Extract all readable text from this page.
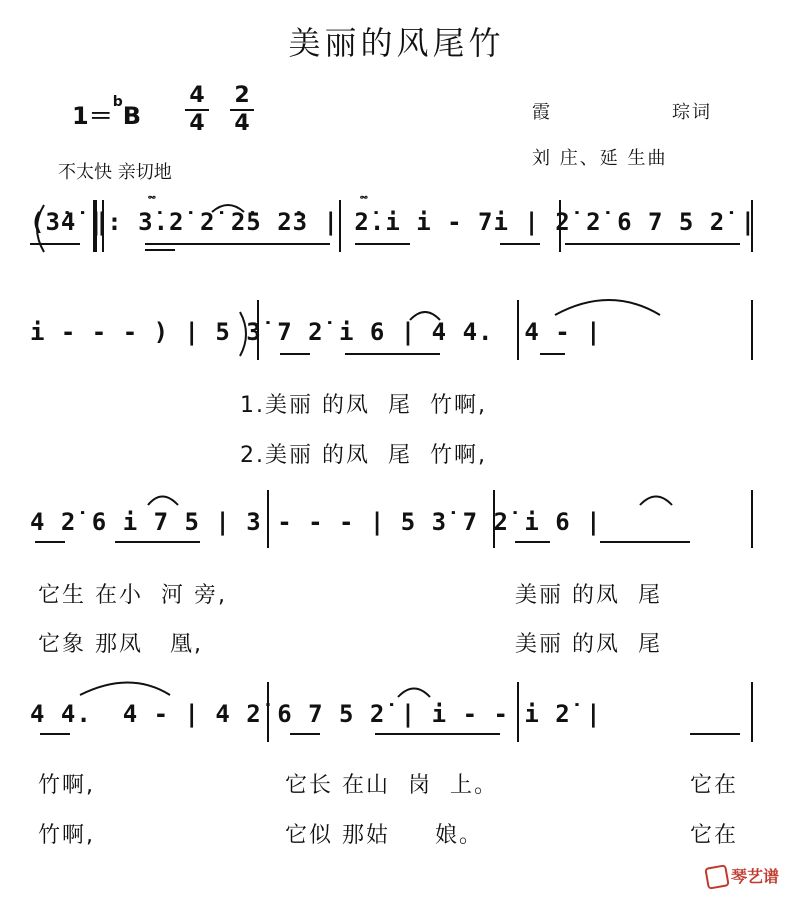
美丽的风尾竹
1＝$^b$B
4
4
2
4	霞	琮词
刘 庄、延 生曲
不太快 亲切地
𝆗	𝆗
(3̇4̇ ‖: 3̇.2̇ 2̇ 2̇5 2̇3 | 2̇.i i - 7i | 2̇ 2̇ 6 7 5 2̇ |
i - - - ) | 5 3̇ 7 2̇ i 6 | 4 4.  4 - |
4 2̇ 6 i 7 5 | 3 - - - | 5 3̇ 7 2̇ i 6 |
4 4.  4 - | 4 2̇ 6 7 5 2̇ | i - - i 2̇ |
1.美丽 的凤  尾  竹啊,
2.美丽 的凤  尾  竹啊,
它生 在小  河 旁,	美丽 的凤  尾
它象 那凤   凰,	美丽 的凤  尾
竹啊,	它长 在山  岗  上。	它在
竹啊,	它似 那姑     娘。	它在
琴艺谱
